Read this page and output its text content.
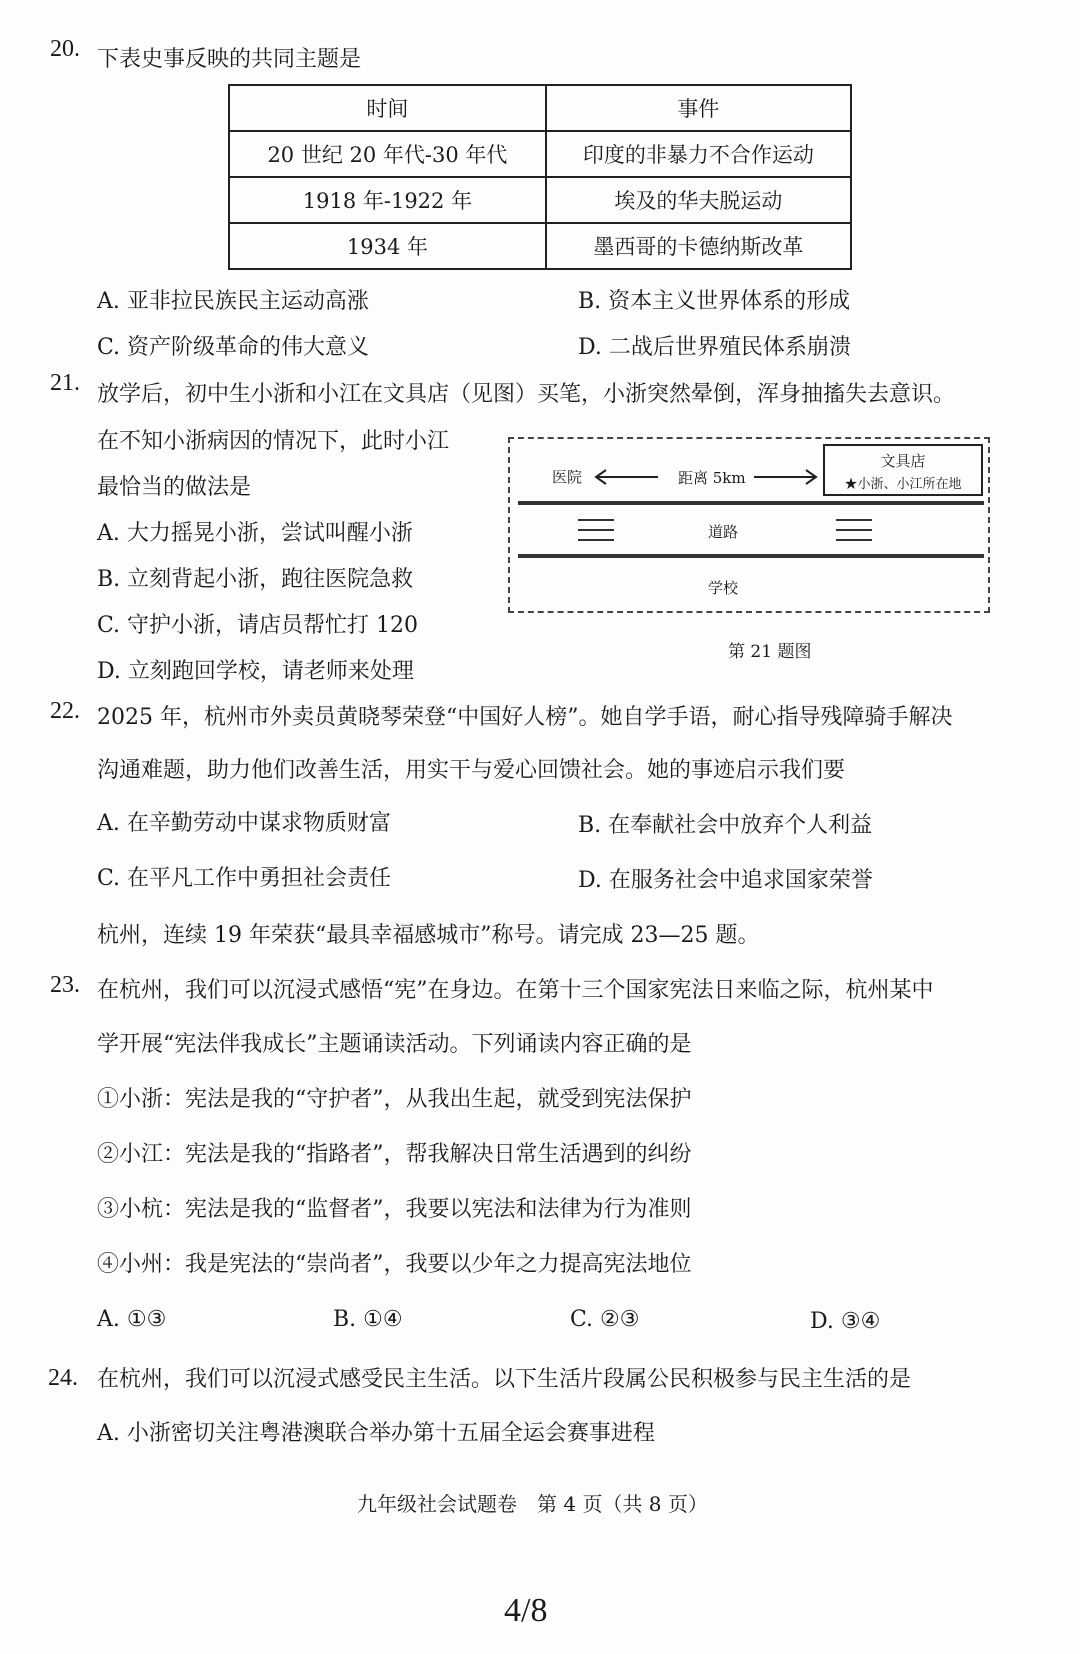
20. 下表史事反映的共同主题是
时间	事件
20 世纪 20 年代-30 年代	印度的非暴力不合作运动
1918 年-1922 年	埃及的华夫脱运动
1934 年	墨西哥的卡德纳斯改革
A. 亚非拉民族民主运动高涨	B. 资本主义世界体系的形成
C. 资产阶级革命的伟大意义	D. 二战后世界殖民体系崩溃
21. 放学后，初中生小浙和小江在文具店（见图）买笔，小浙突然晕倒，浑身抽搐失去意识。
在不知小浙病因的情况下，此时小江
最恰当的做法是
A. 大力摇晃小浙，尝试叫醒小浙
B. 立刻背起小浙，跑往医院急救
C. 守护小浙，请店员帮忙打 120
D. 立刻跑回学校，请老师来处理
医院	距离 5km
文具店
★小浙、小江所在地
道路
学校
第 21 题图
22. 2025 年，杭州市外卖员黄晓琴荣登“中国好人榜”。她自学手语，耐心指导残障骑手解决
沟通难题，助力他们改善生活，用实干与爱心回馈社会。她的事迹启示我们要
A. 在辛勤劳动中谋求物质财富	B. 在奉献社会中放弃个人利益
C. 在平凡工作中勇担社会责任	D. 在服务社会中追求国家荣誉
杭州，连续 19 年荣获“最具幸福感城市”称号。请完成 23—25 题。
23. 在杭州，我们可以沉浸式感悟“宪”在身边。在第十三个国家宪法日来临之际，杭州某中
学开展“宪法伴我成长”主题诵读活动。下列诵读内容正确的是
①小浙：宪法是我的“守护者”，从我出生起，就受到宪法保护
②小江：宪法是我的“指路者”，帮我解决日常生活遇到的纠纷
③小杭：宪法是我的“监督者”，我要以宪法和法律为行为准则
④小州：我是宪法的“崇尚者”，我要以少年之力提高宪法地位
A. ①③	B. ①④	C. ②③	D. ③④
24. 在杭州，我们可以沉浸式感受民主生活。以下生活片段属公民积极参与民主生活的是
A. 小浙密切关注粤港澳联合举办第十五届全运会赛事进程
九年级社会试题卷　第 4 页（共 8 页）
4/8
